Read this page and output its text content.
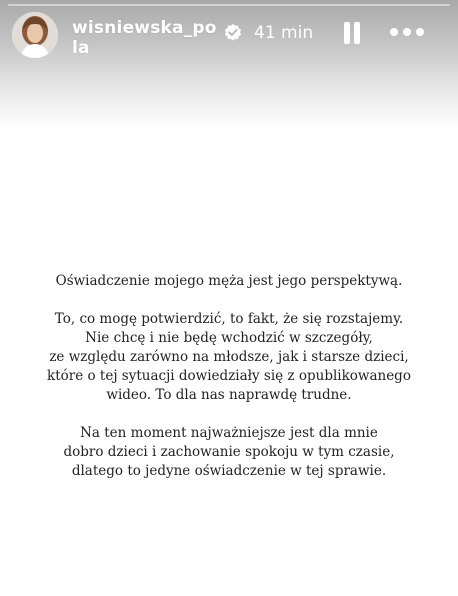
wisniewska_pola
41 min

Oświadczenie mojego męża jest jego perspektywą.

To, co mogę potwierdzić, to fakt, że się rozstajemy.
Nie chcę i nie będę wchodzić w szczegóły,
ze względu zarówno na młodsze, jak i starsze dzieci,
które o tej sytuacji dowiedziały się z opublikowanego
wideo. To dla nas naprawdę trudne.

Na ten moment najważniejsze jest dla mnie
dobro dzieci i zachowanie spokoju w tym czasie,
dlatego to jedyne oświadczenie w tej sprawie.
